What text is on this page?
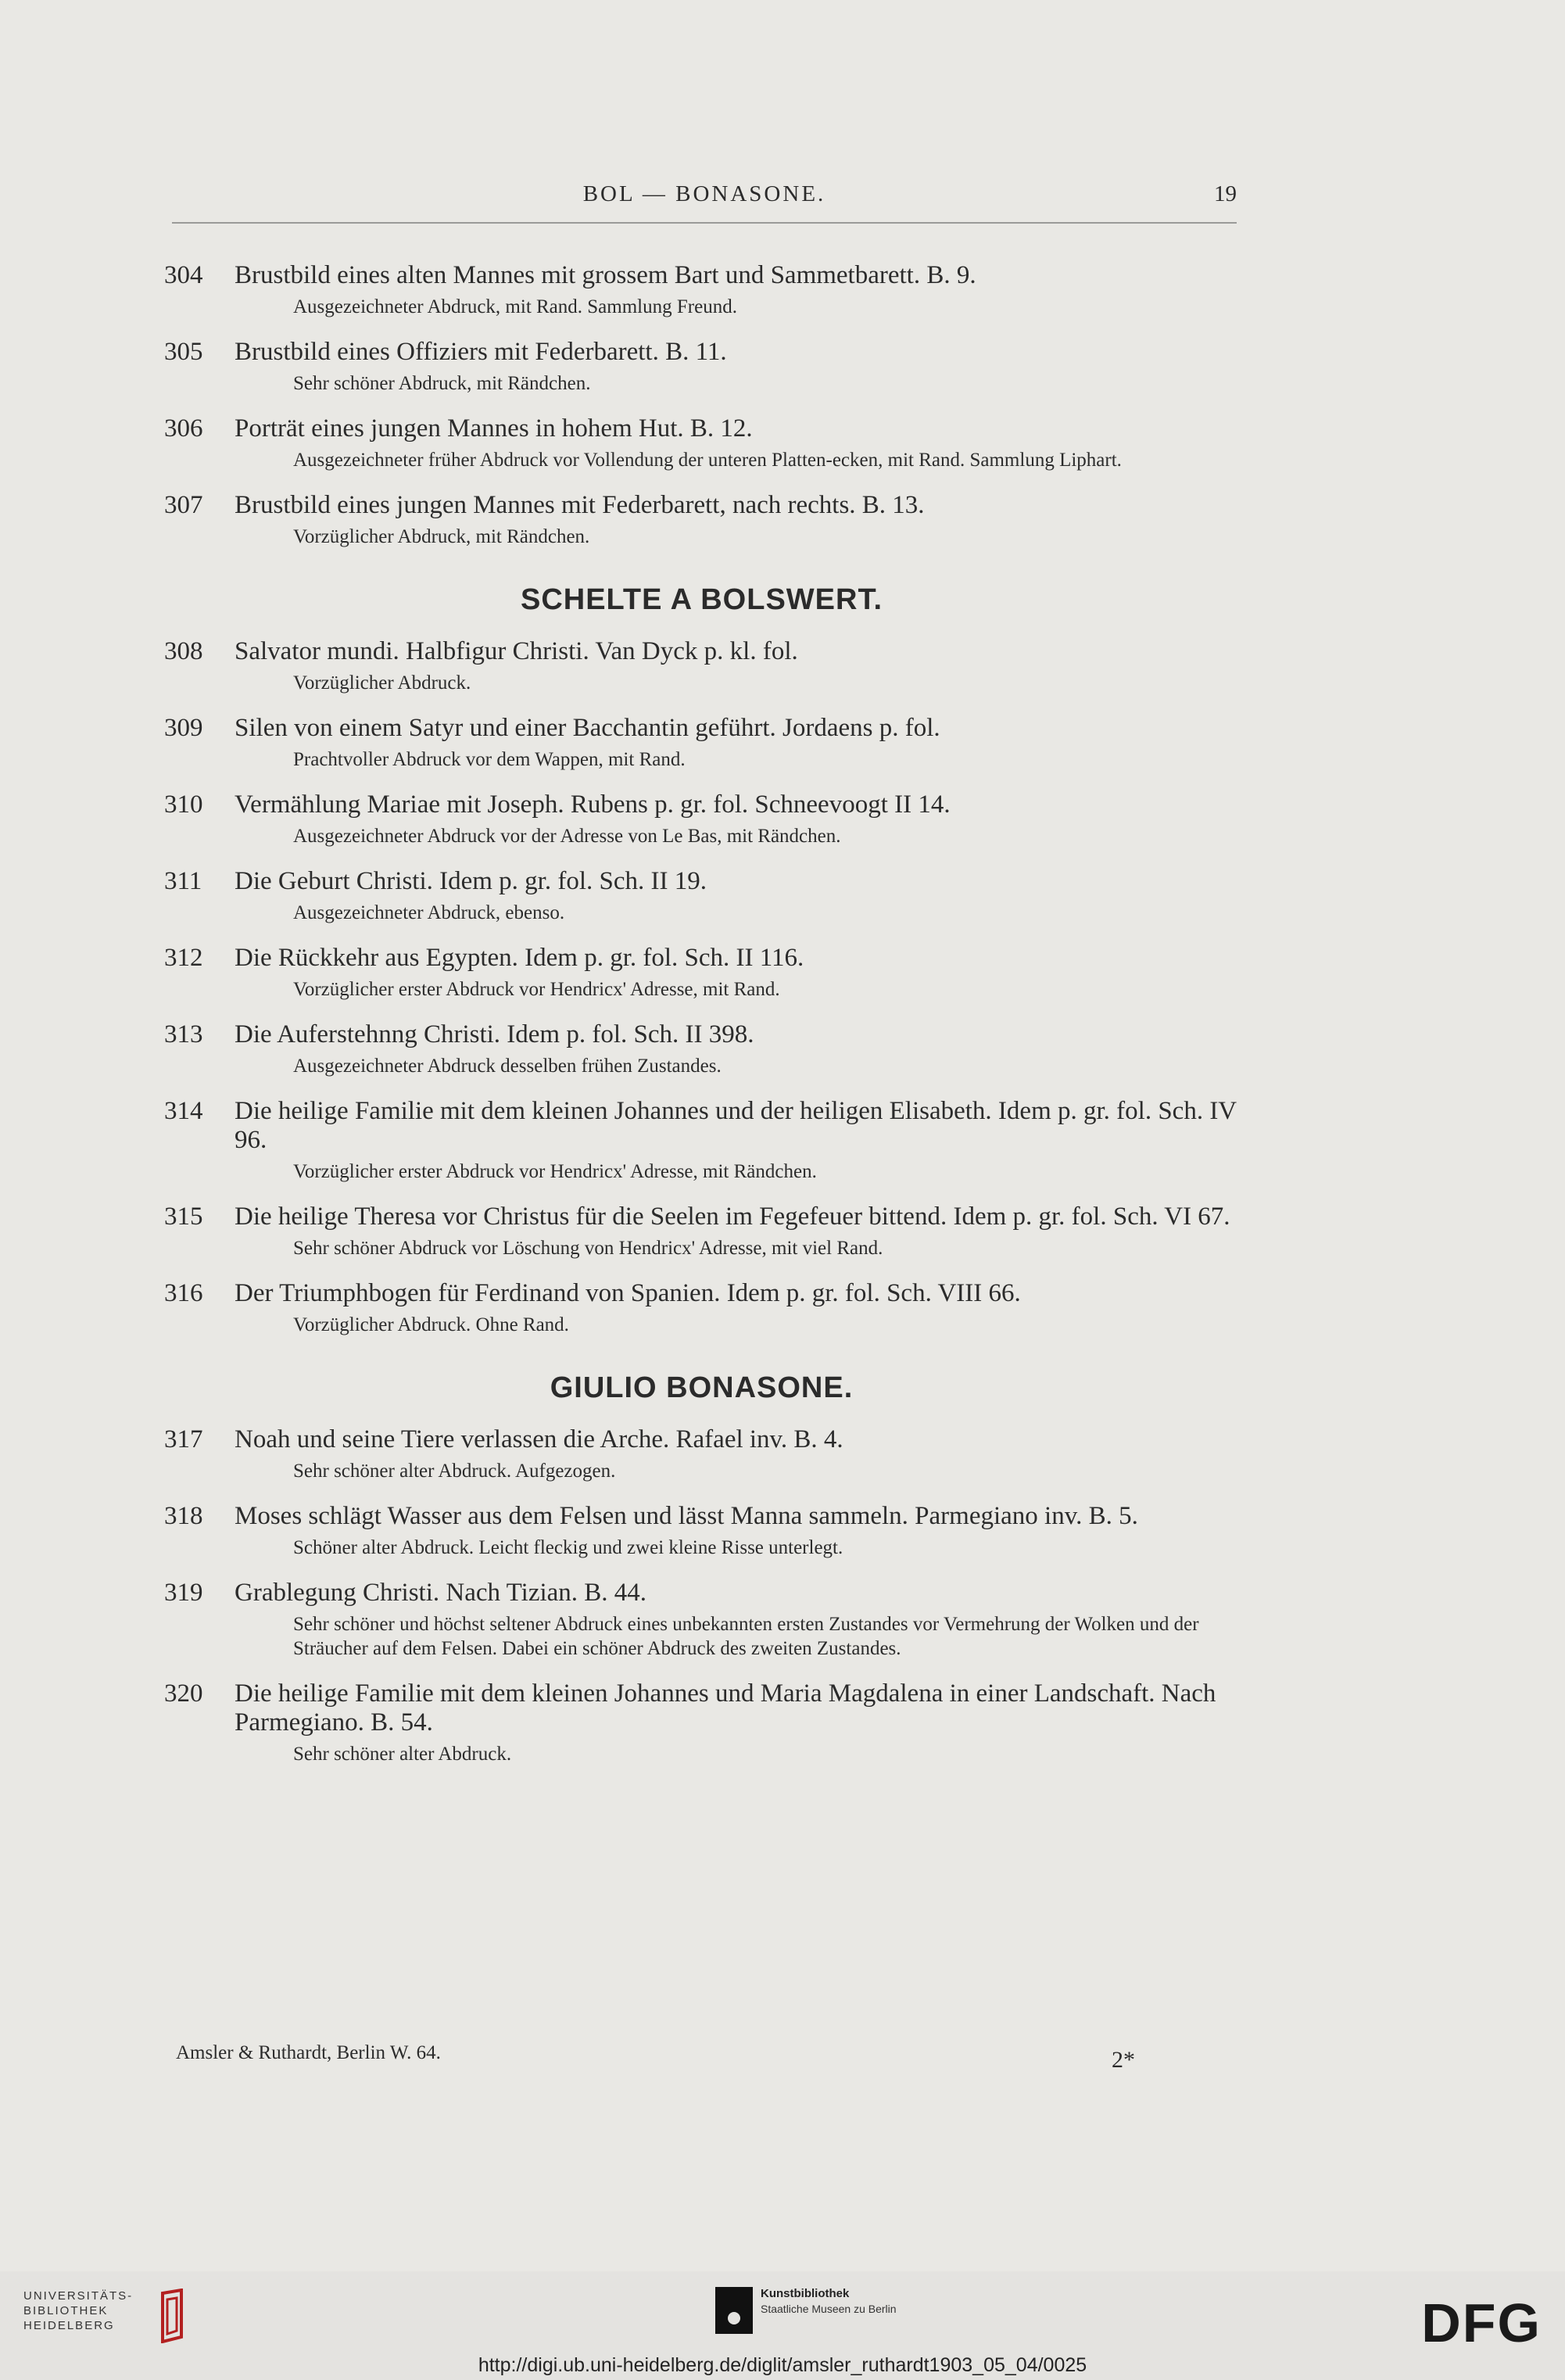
BOL — BONASONE.	19
304	Brustbild eines alten Mannes mit grossem Bart und Sammetbarett. B. 9.
Ausgezeichneter Abdruck, mit Rand. Sammlung Freund.
305	Brustbild eines Offiziers mit Federbarett. B. 11.
Sehr schöner Abdruck, mit Rändchen.
306	Porträt eines jungen Mannes in hohem Hut. B. 12.
Ausgezeichneter früher Abdruck vor Vollendung der unteren Platten-ecken, mit Rand. Sammlung Liphart.
307	Brustbild eines jungen Mannes mit Federbarett, nach rechts. B. 13.
Vorzüglicher Abdruck, mit Rändchen.
SCHELTE A BOLSWERT.
308	Salvator mundi. Halbfigur Christi. Van Dyck p. kl. fol.
Vorzüglicher Abdruck.
309	Silen von einem Satyr und einer Bacchantin geführt. Jordaens p. fol.
Prachtvoller Abdruck vor dem Wappen, mit Rand.
310	Vermählung Mariae mit Joseph. Rubens p. gr. fol. Schneevoogt II 14.
Ausgezeichneter Abdruck vor der Adresse von Le Bas, mit Rändchen.
311	Die Geburt Christi. Idem p. gr. fol. Sch. II 19.
Ausgezeichneter Abdruck, ebenso.
312	Die Rückkehr aus Egypten. Idem p. gr. fol. Sch. II 116.
Vorzüglicher erster Abdruck vor Hendricx' Adresse, mit Rand.
313	Die Auferstehnng Christi. Idem p. fol. Sch. II 398.
Ausgezeichneter Abdruck desselben frühen Zustandes.
314	Die heilige Familie mit dem kleinen Johannes und der heiligen Elisabeth. Idem p. gr. fol. Sch. IV 96.
Vorzüglicher erster Abdruck vor Hendricx' Adresse, mit Rändchen.
315	Die heilige Theresa vor Christus für die Seelen im Fegefeuer bittend. Idem p. gr. fol. Sch. VI 67.
Sehr schöner Abdruck vor Löschung von Hendricx' Adresse, mit viel Rand.
316	Der Triumphbogen für Ferdinand von Spanien. Idem p. gr. fol. Sch. VIII 66.
Vorzüglicher Abdruck. Ohne Rand.
GIULIO BONASONE.
317	Noah und seine Tiere verlassen die Arche. Rafael inv. B. 4.
Sehr schöner alter Abdruck. Aufgezogen.
318	Moses schlägt Wasser aus dem Felsen und lässt Manna sammeln. Parmegiano inv. B. 5.
Schöner alter Abdruck. Leicht fleckig und zwei kleine Risse unterlegt.
319	Grablegung Christi. Nach Tizian. B. 44.
Sehr schöner und höchst seltener Abdruck eines unbekannten ersten Zustandes vor Vermehrung der Wolken und der Sträucher auf dem Felsen. Dabei ein schöner Abdruck des zweiten Zustandes.
320	Die heilige Familie mit dem kleinen Johannes und Maria Magdalena in einer Landschaft. Nach Parmegiano. B. 54.
Sehr schöner alter Abdruck.
Amsler & Ruthardt, Berlin W. 64.	2*
UNIVERSITÄTS-
BIBLIOTHEK
HEIDELBERG
Kunstbibliothek
Staatliche Museen zu Berlin	DFG
http://digi.ub.uni-heidelberg.de/diglit/amsler_ruthardt1903_05_04/0025
